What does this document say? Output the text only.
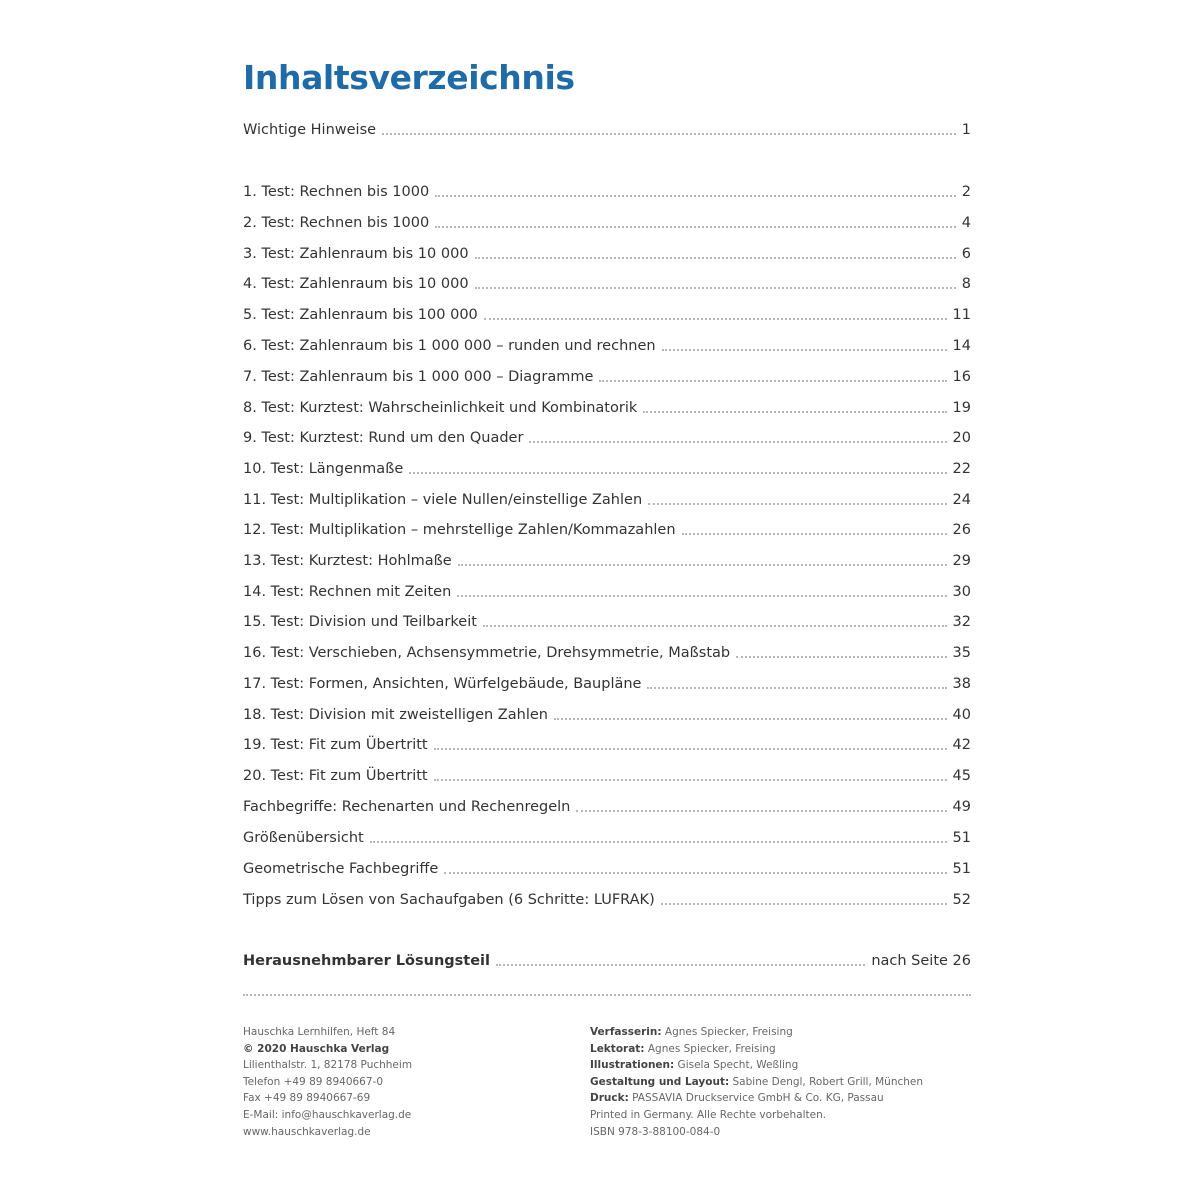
Inhaltsverzeichnis
Wichtige Hinweise	1
1. Test: Rechnen bis 1000	2
2. Test: Rechnen bis 1000	4
3. Test: Zahlenraum bis 10 000	6
4. Test: Zahlenraum bis 10 000	8
5. Test: Zahlenraum bis 100 000	11
6. Test: Zahlenraum bis 1 000 000 – runden und rechnen	14
7. Test: Zahlenraum bis 1 000 000 – Diagramme	16
8. Test: Kurztest: Wahrscheinlichkeit und Kombinatorik	19
9. Test: Kurztest: Rund um den Quader	20
10. Test: Längenmaße	22
11. Test: Multiplikation – viele Nullen/einstellige Zahlen	24
12. Test: Multiplikation – mehrstellige Zahlen/Kommazahlen	26
13. Test: Kurztest: Hohlmaße	29
14. Test: Rechnen mit Zeiten	30
15. Test: Division und Teilbarkeit	32
16. Test: Verschieben, Achsensymmetrie, Drehsymmetrie, Maßstab	35
17. Test: Formen, Ansichten, Würfelgebäude, Baupläne	38
18. Test: Division mit zweistelligen Zahlen	40
19. Test: Fit zum Übertritt	42
20. Test: Fit zum Übertritt	45
Fachbegriffe: Rechenarten und Rechenregeln	49
Größenübersicht	51
Geometrische Fachbegriffe	51
Tipps zum Lösen von Sachaufgaben (6 Schritte: LUFRAK)	52
Herausnehmbarer Lösungsteil	nach Seite 26
Hauschka Lernhilfen, Heft 84
© 2020 Hauschka Verlag
Lilienthalstr. 1, 82178 Puchheim
Telefon +49 89 8940667-0
Fax +49 89 8940667-69
E-Mail: info@hauschkaverlag.de
www.hauschkaverlag.de
Verfasserin: Agnes Spiecker, Freising
Lektorat: Agnes Spiecker, Freising
Illustrationen: Gisela Specht, Weßling
Gestaltung und Layout: Sabine Dengl, Robert Grill, München
Druck: PASSAVIA Druckservice GmbH & Co. KG, Passau
Printed in Germany. Alle Rechte vorbehalten.
ISBN 978-3-88100-084-0
